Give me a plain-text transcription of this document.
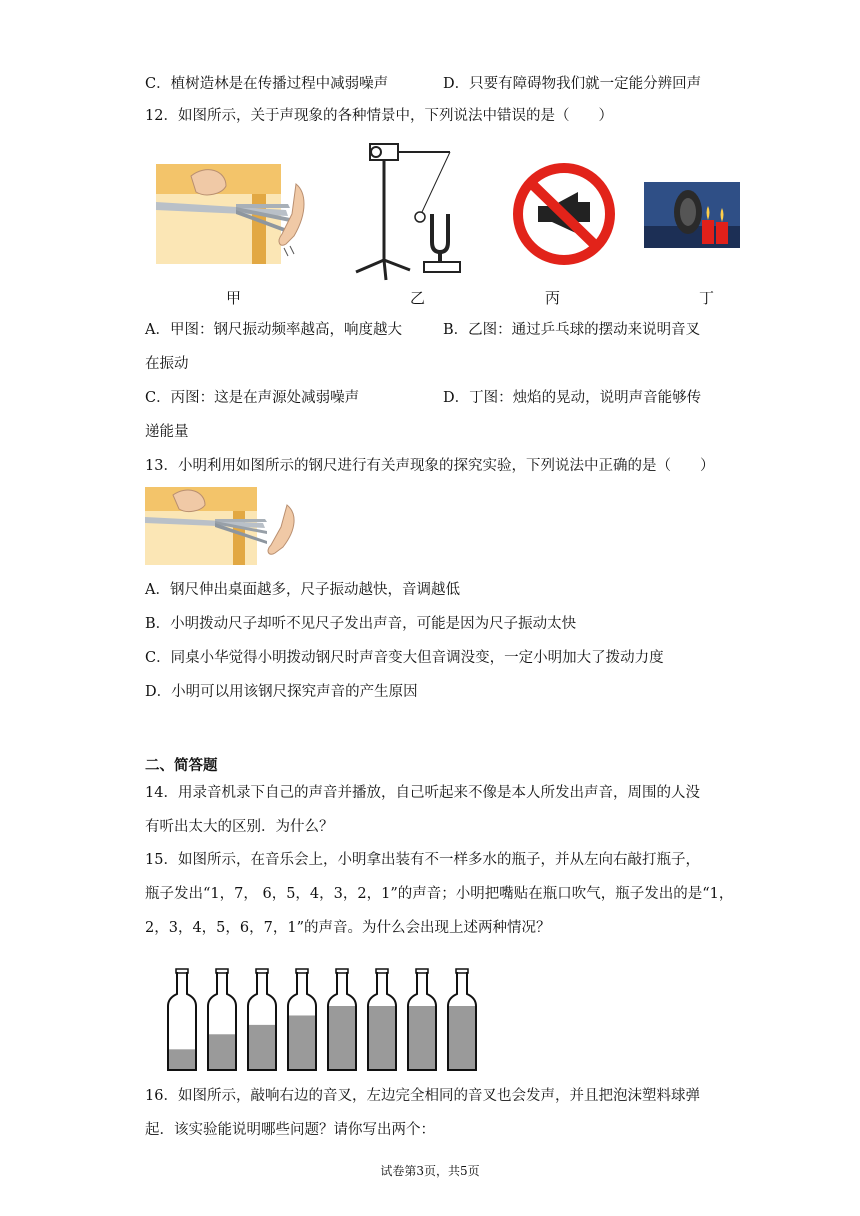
C．植树造林是在传播过程中减弱噪声	D．只要有障碍物我们就一定能分辨回声
12．如图所示，关于声现象的各种情景中，下列说法中错误的是（　　）
甲	乙	丙	丁
A．甲图：钢尺振动频率越高，响度越大	B．乙图：通过乒乓球的摆动来说明音叉
在振动
C．丙图：这是在声源处减弱噪声	D．丁图：烛焰的晃动，说明声音能够传
递能量
13．小明利用如图所示的钢尺进行有关声现象的探究实验，下列说法中正确的是（　　）
A．钢尺伸出桌面越多，尺子振动越快，音调越低
B．小明拨动尺子却听不见尺子发出声音，可能是因为尺子振动太快
C．同桌小华觉得小明拨动钢尺时声音变大但音调没变，一定小明加大了拨动力度
D．小明可以用该钢尺探究声音的产生原因
二、简答题
14．用录音机录下自己的声音并播放，自己听起来不像是本人所发出声音，周围的人没
有听出太大的区别．为什么？
15．如图所示，在音乐会上，小明拿出装有不一样多水的瓶子，并从左向右敲打瓶子，
瓶子发出“1，7， 6，5，4，3，2，1”的声音；小明把嘴贴在瓶口吹气，瓶子发出的是“1，
2，3，4，5，6，7，1”的声音。为什么会出现上述两种情况？
16．如图所示，敲响右边的音叉，左边完全相同的音叉也会发声，并且把泡沫塑料球弹
起．该实验能说明哪些问题？请你写出两个：
试卷第3页，共5页
